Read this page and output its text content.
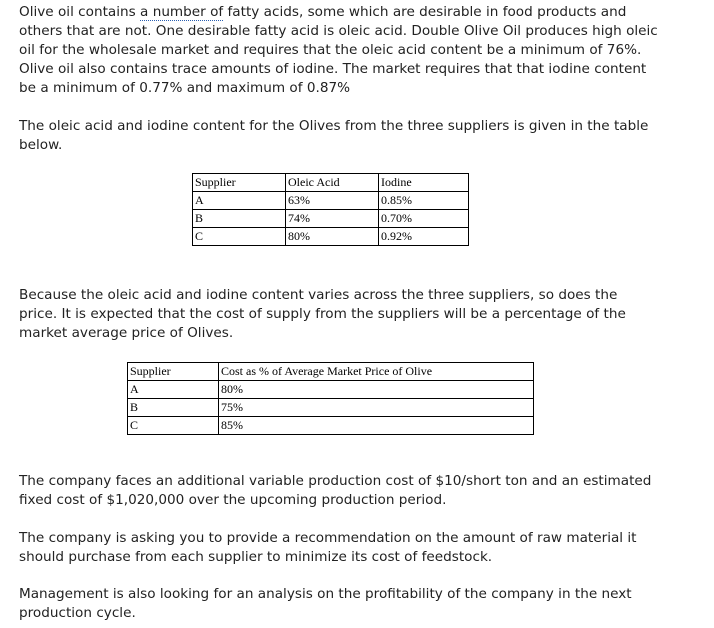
Olive oil contains a number of fatty acids, some which are desirable in food products and others that are not. One desirable fatty acid is oleic acid. Double Olive Oil produces high oleic oil for the wholesale market and requires that the oleic acid content be a minimum of 76%. Olive oil also contains trace amounts of iodine. The market requires that that iodine content be a minimum of 0.77% and maximum of 0.87%

The oleic acid and iodine content for the Olives from the three suppliers is given in the table below.

Supplier	Oleic Acid	Iodine
A	63%	0.85%
B	74%	0.70%
C	80%	0.92%

Because the oleic acid and iodine content varies across the three suppliers, so does the price. It is expected that the cost of supply from the suppliers will be a percentage of the market average price of Olives.

Supplier	Cost as % of Average Market Price of Olive
A	80%
B	75%
C	85%

The company faces an additional variable production cost of $10/short ton and an estimated fixed cost of $1,020,000 over the upcoming production period.

The company is asking you to provide a recommendation on the amount of raw material it should purchase from each supplier to minimize its cost of feedstock.

Management is also looking for an analysis on the profitability of the company in the next production cycle.
